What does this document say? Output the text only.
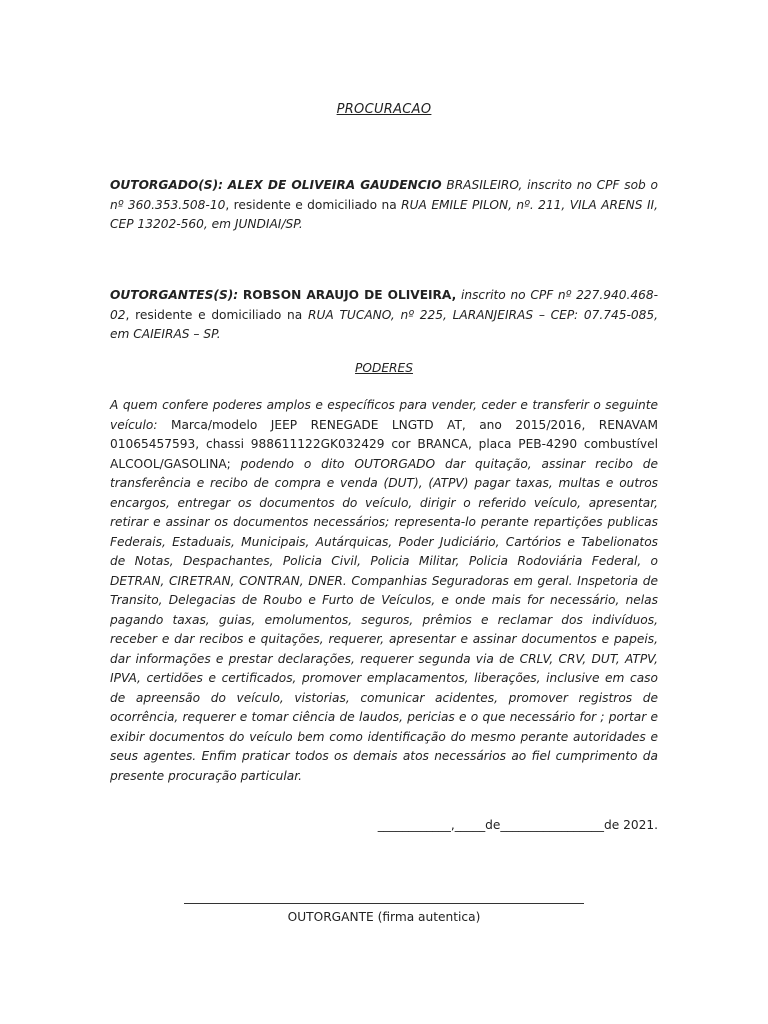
PROCURACAO
OUTORGADO(S): ALEX DE OLIVEIRA GAUDENCIO BRASILEIRO, inscrito no CPF sob o nº 360.353.508-10, residente e domiciliado na RUA EMILE PILON, nº. 211, VILA ARENS II, CEP 13202-560, em JUNDIAI/SP.
OUTORGANTES(S): ROBSON ARAUJO DE OLIVEIRA, inscrito no CPF nº 227.940.468-02, residente e domiciliado na RUA TUCANO, nº 225, LARANJEIRAS – CEP: 07.745-085, em CAIEIRAS – SP.
PODERES
A quem confere poderes amplos e específicos para vender, ceder e transferir o seguinte veículo: Marca/modelo JEEP RENEGADE LNGTD AT, ano 2015/2016, RENAVAM 01065457593, chassi 988611122GK032429 cor BRANCA, placa PEB-4290 combustível ALCOOL/GASOLINA; podendo o dito OUTORGADO dar quitação, assinar recibo de transferência e recibo de compra e venda (DUT), (ATPV) pagar taxas, multas e outros encargos, entregar os documentos do veículo, dirigir o referido veículo, apresentar, retirar e assinar os documentos necessários; representa-lo perante repartições publicas Federais, Estaduais, Municipais, Autárquicas, Poder Judiciário, Cartórios e Tabelionatos de Notas, Despachantes, Policia Civil, Policia Militar, Policia Rodoviária Federal, o DETRAN, CIRETRAN, CONTRAN, DNER. Companhias Seguradoras em geral. Inspetoria de Transito, Delegacias de Roubo e Furto de Veículos, e onde mais for necessário, nelas pagando taxas, guias, emolumentos, seguros, prêmios e reclamar dos indivíduos, receber e dar recibos e quitações, requerer, apresentar e assinar documentos e papeis, dar informações e prestar declarações, requerer segunda via de CRLV, CRV, DUT, ATPV, IPVA, certidões e certificados, promover emplacamentos, liberações, inclusive em caso de apreensão do veículo, vistorias, comunicar acidentes, promover registros de ocorrência, requerer e tomar ciência de laudos, pericias e o que necessário for ; portar e exibir documentos do veículo bem como identificação do mesmo perante autoridades e seus agentes. Enfim praticar todos os demais atos necessários ao fiel cumprimento da presente procuração particular.
____________,_____de_________________de 2021.
OUTORGANTE (firma autentica)
